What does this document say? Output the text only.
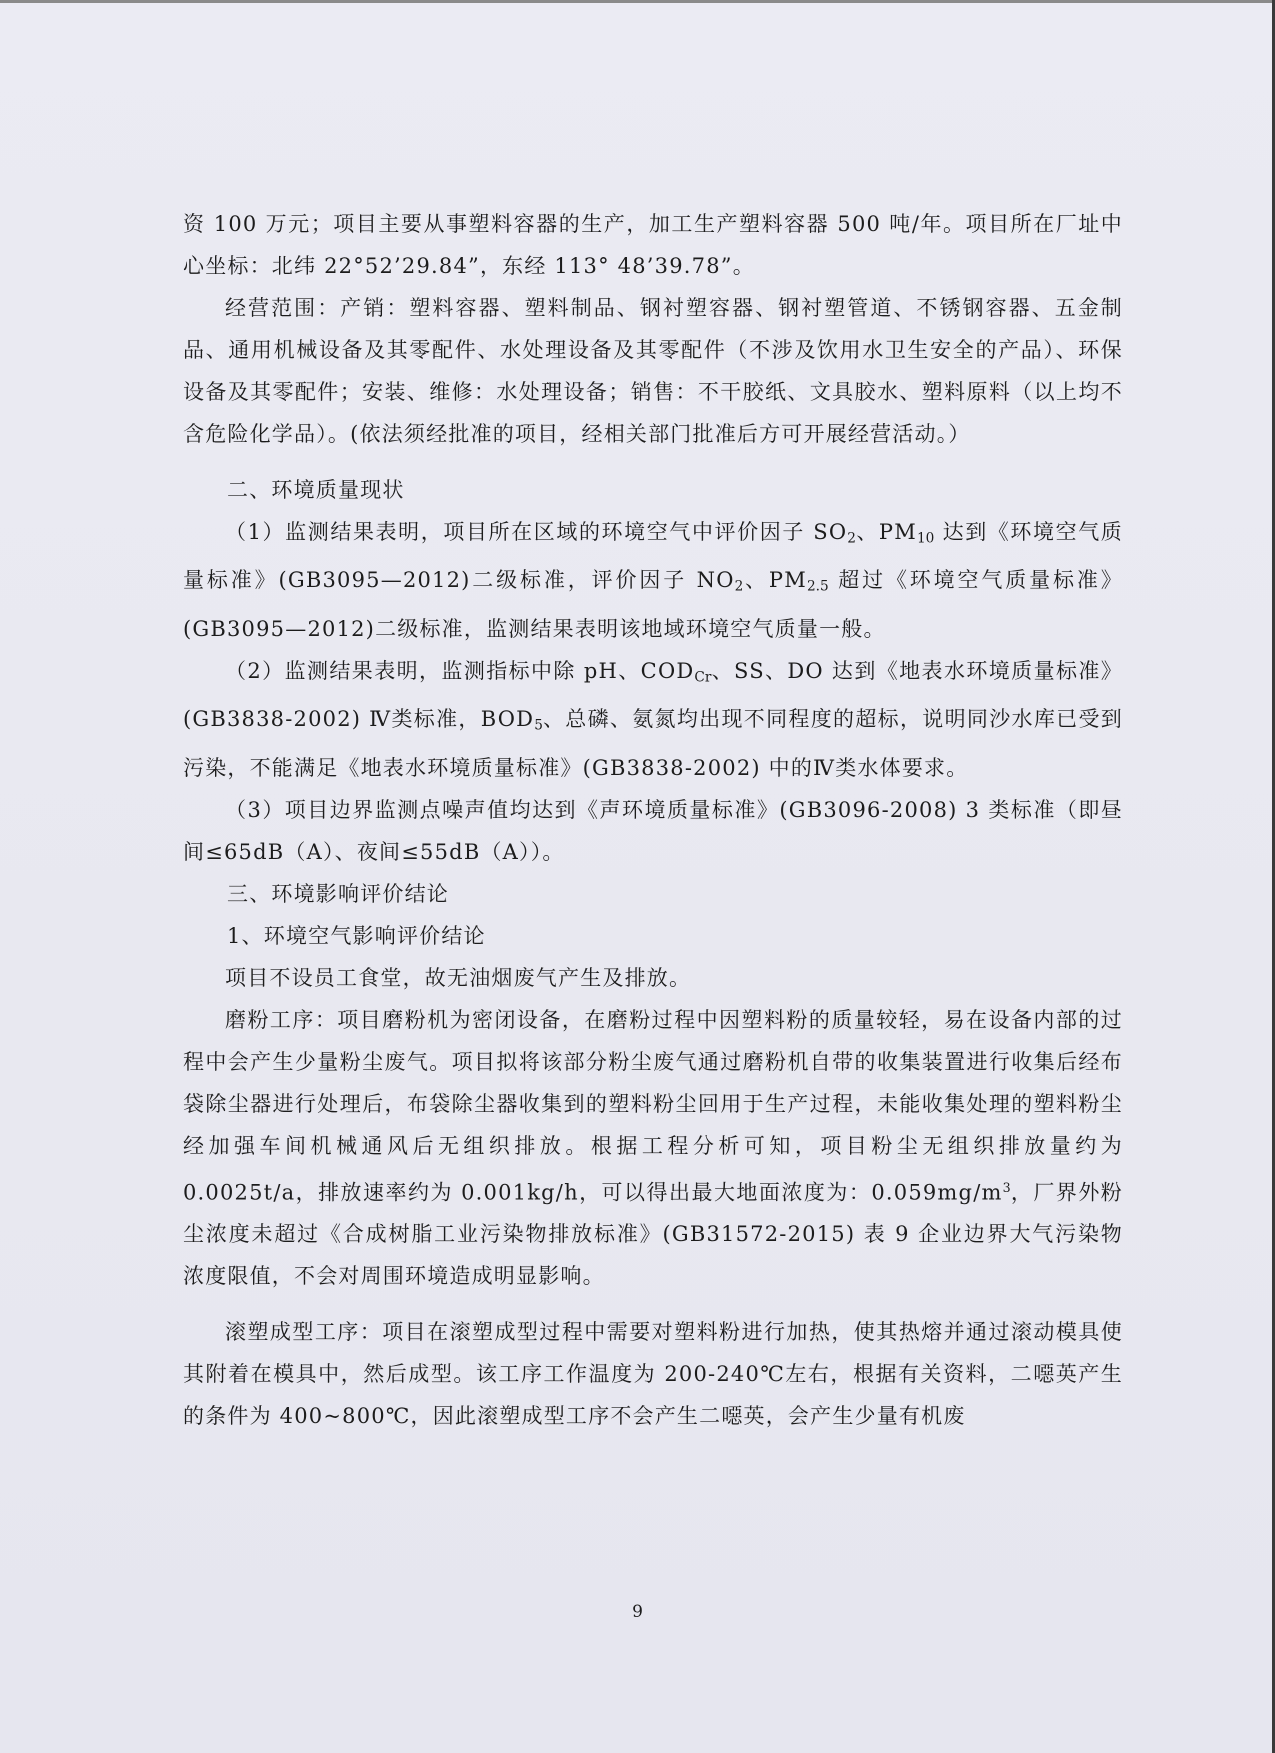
资 100 万元；项目主要从事塑料容器的生产，加工生产塑料容器 500 吨/年。项目所在厂址中心坐标：北纬 22°52’29.84”，东经 113° 48’39.78”。

经营范围：产销：塑料容器、塑料制品、钢衬塑容器、钢衬塑管道、不锈钢容器、五金制品、通用机械设备及其零配件、水处理设备及其零配件（不涉及饮用水卫生安全的产品）、环保设备及其零配件；安装、维修：水处理设备；销售：不干胶纸、文具胶水、塑料原料（以上均不含危险化学品）。(依法须经批准的项目，经相关部门批准后方可开展经营活动。）

二、环境质量现状

（1）监测结果表明，项目所在区域的环境空气中评价因子 $SO_2$、$PM_{10}$ 达到《环境空气质量标准》(GB3095—2012)二级标准，评价因子 $NO_2$、$PM_{2.5}$ 超过《环境空气质量标准》(GB3095—2012)二级标准，监测结果表明该地域环境空气质量一般。

（2）监测结果表明，监测指标中除 pH、$COD_{Cr}$、SS、DO 达到《地表水环境质量标准》(GB3838-2002) Ⅳ类标准，$BOD_5$、总磷、氨氮均出现不同程度的超标，说明同沙水库已受到污染，不能满足《地表水环境质量标准》(GB3838-2002) 中的Ⅳ类水体要求。

（3）项目边界监测点噪声值均达到《声环境质量标准》(GB3096-2008) 3 类标准（即昼间≤65dB（A）、夜间≤55dB（A））。

三、环境影响评价结论

1、环境空气影响评价结论

项目不设员工食堂，故无油烟废气产生及排放。

磨粉工序：项目磨粉机为密闭设备，在磨粉过程中因塑料粉的质量较轻，易在设备内部的过程中会产生少量粉尘废气。项目拟将该部分粉尘废气通过磨粉机自带的收集装置进行收集后经布袋除尘器进行处理后，布袋除尘器收集到的塑料粉尘回用于生产过程，未能收集处理的塑料粉尘经加强车间机械通风后无组织排放。根据工程分析可知，项目粉尘无组织排放量约为 0.0025t/a，排放速率约为 0.001kg/h，可以得出最大地面浓度为：$0.059mg/m^3$，厂界外粉尘浓度未超过《合成树脂工业污染物排放标准》(GB31572-2015) 表 9 企业边界大气污染物浓度限值，不会对周围环境造成明显影响。

滚塑成型工序：项目在滚塑成型过程中需要对塑料粉进行加热，使其热熔并通过滚动模具使其附着在模具中，然后成型。该工序工作温度为 200-240℃左右，根据有关资料，二噁英产生的条件为 400~800℃，因此滚塑成型工序不会产生二噁英，会产生少量有机废

9
